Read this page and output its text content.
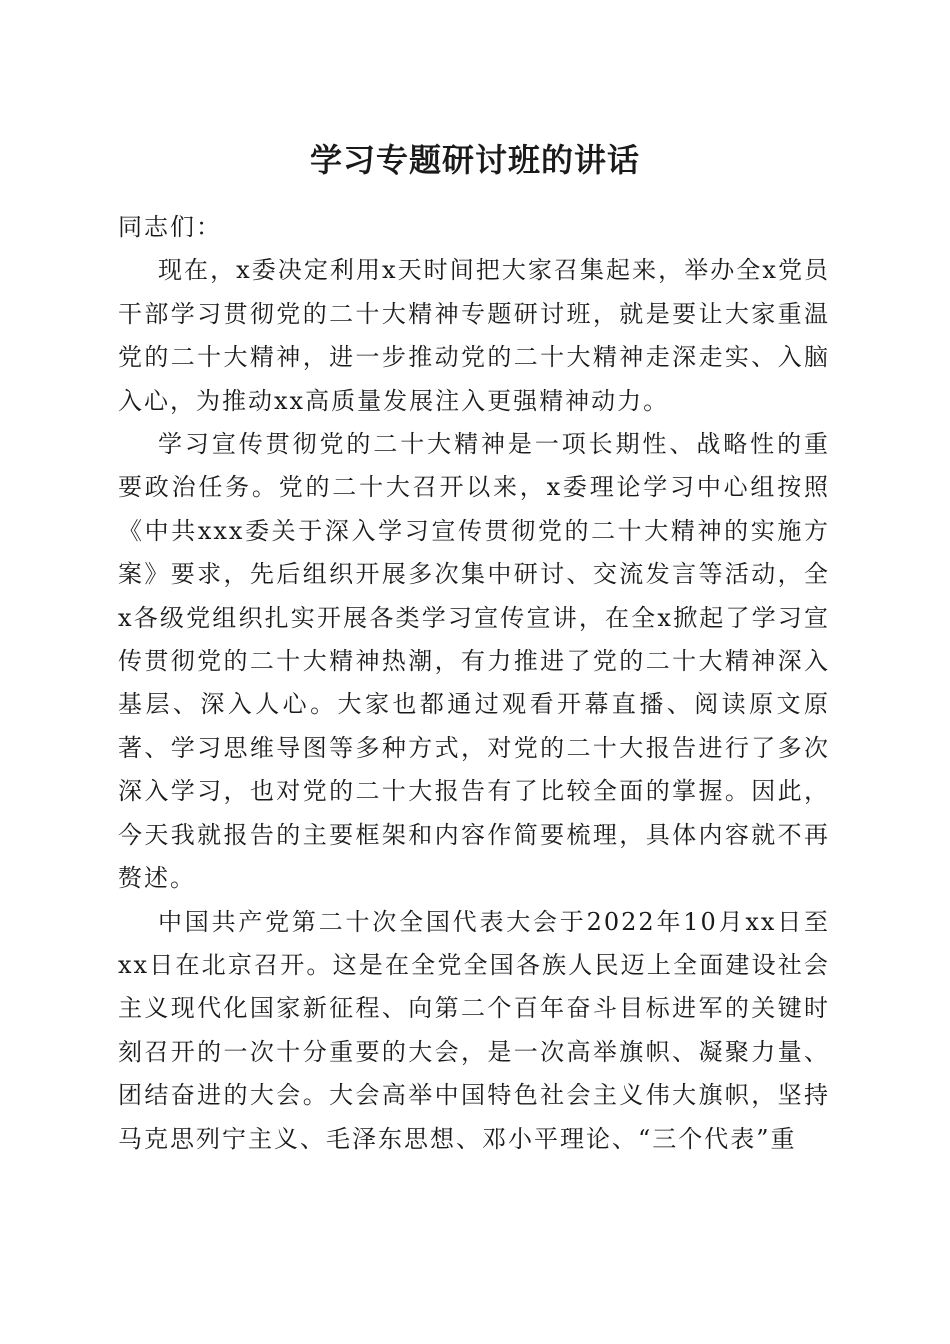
学习专题研讨班的讲话

同志们：

现在，x委决定利用x天时间把大家召集起来，举办全x党员干部学习贯彻党的二十大精神专题研讨班，就是要让大家重温党的二十大精神，进一步推动党的二十大精神走深走实、入脑入心，为推动xx高质量发展注入更强精神动力。

学习宣传贯彻党的二十大精神是一项长期性、战略性的重要政治任务。党的二十大召开以来，x委理论学习中心组按照《中共xxx委关于深入学习宣传贯彻党的二十大精神的实施方案》要求，先后组织开展多次集中研讨、交流发言等活动，全x各级党组织扎实开展各类学习宣传宣讲，在全x掀起了学习宣传贯彻党的二十大精神热潮，有力推进了党的二十大精神深入基层、深入人心。大家也都通过观看开幕直播、阅读原文原著、学习思维导图等多种方式，对党的二十大报告进行了多次深入学习，也对党的二十大报告有了比较全面的掌握。因此，今天我就报告的主要框架和内容作简要梳理，具体内容就不再赘述。

中国共产党第二十次全国代表大会于2022年10月xx日至xx日在北京召开。这是在全党全国各族人民迈上全面建设社会主义现代化国家新征程、向第二个百年奋斗目标进军的关键时刻召开的一次十分重要的大会，是一次高举旗帜、凝聚力量、团结奋进的大会。大会高举中国特色社会主义伟大旗帜，坚持马克思列宁主义、毛泽东思想、邓小平理论、“三个代表”重
